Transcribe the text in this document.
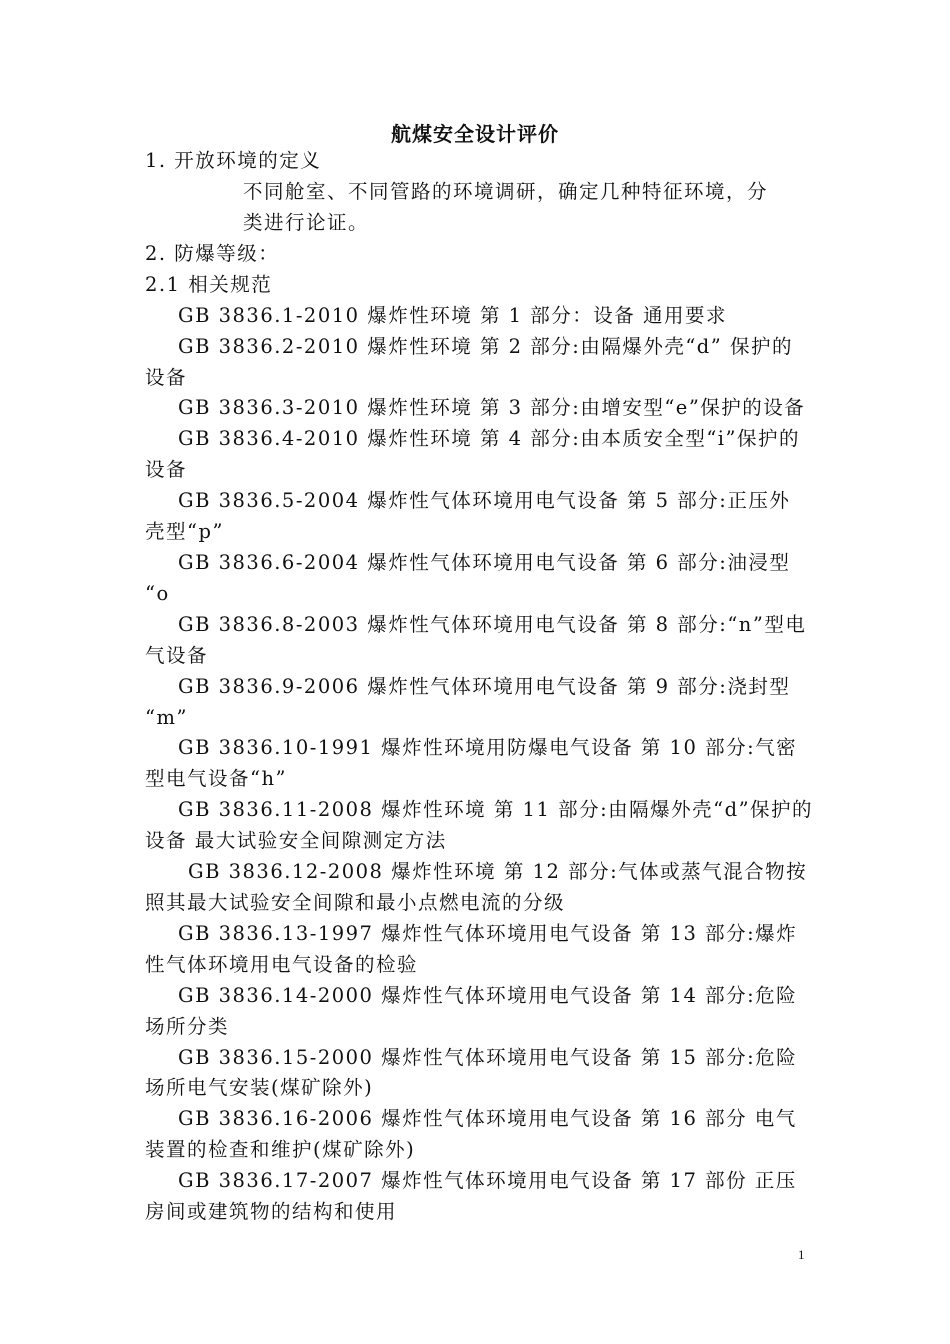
航煤安全设计评价
1. 开放环境的定义
不同舱室、不同管路的环境调研，确定几种特征环境，分
类进行论证。
2. 防爆等级：
2.1 相关规范
GB 3836.1-2010 爆炸性环境 第 1 部分：设备 通用要求
GB 3836.2-2010 爆炸性环境 第 2 部分:由隔爆外壳“d” 保护的
设备
GB 3836.3-2010 爆炸性环境 第 3 部分:由增安型“e”保护的设备
GB 3836.4-2010 爆炸性环境 第 4 部分:由本质安全型“i”保护的
设备
GB 3836.5-2004 爆炸性气体环境用电气设备 第 5 部分:正压外
壳型“p”
GB 3836.6-2004 爆炸性气体环境用电气设备 第 6 部分:油浸型
“o
GB 3836.8-2003 爆炸性气体环境用电气设备 第 8 部分:“n”型电
气设备
GB 3836.9-2006 爆炸性气体环境用电气设备 第 9 部分:浇封型
“m”
GB 3836.10-1991 爆炸性环境用防爆电气设备 第 10 部分:气密
型电气设备“h”
GB 3836.11-2008 爆炸性环境 第 11 部分:由隔爆外壳“d”保护的
设备 最大试验安全间隙测定方法
GB 3836.12-2008 爆炸性环境 第 12 部分:气体或蒸气混合物按
照其最大试验安全间隙和最小点燃电流的分级
GB 3836.13-1997 爆炸性气体环境用电气设备 第 13 部分:爆炸
性气体环境用电气设备的检验
GB 3836.14-2000 爆炸性气体环境用电气设备 第 14 部分:危险
场所分类
GB 3836.15-2000 爆炸性气体环境用电气设备 第 15 部分:危险
场所电气安装(煤矿除外)
GB 3836.16-2006 爆炸性气体环境用电气设备 第 16 部分 电气
装置的检查和维护(煤矿除外)
GB 3836.17-2007 爆炸性气体环境用电气设备 第 17 部份 正压
房间或建筑物的结构和使用
1
